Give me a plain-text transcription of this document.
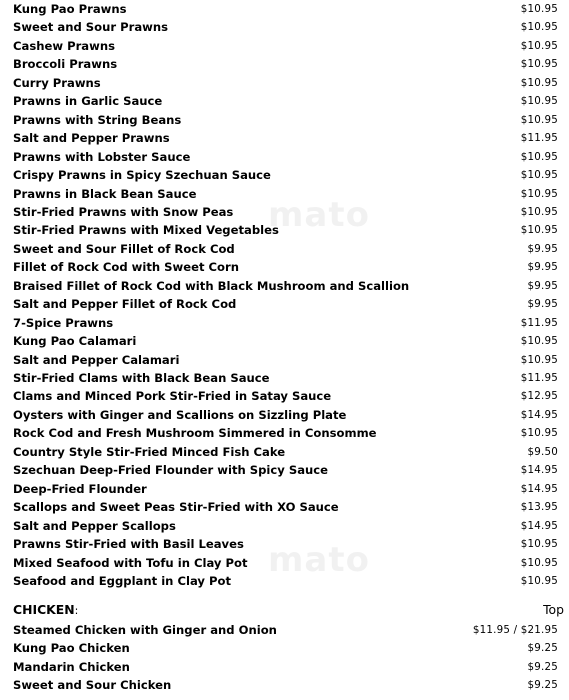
Kung Pao Prawns	$10.95
Sweet and Sour Prawns	$10.95
Cashew Prawns	$10.95
Broccoli Prawns	$10.95
Curry Prawns	$10.95
Prawns in Garlic Sauce	$10.95
Prawns with String Beans	$10.95
Salt and Pepper Prawns	$11.95
Prawns with Lobster Sauce	$10.95
Crispy Prawns in Spicy Szechuan Sauce	$10.95
Prawns in Black Bean Sauce	$10.95
Stir-Fried Prawns with Snow Peas	$10.95
Stir-Fried Prawns with Mixed Vegetables	$10.95
Sweet and Sour Fillet of Rock Cod	$9.95
Fillet of Rock Cod with Sweet Corn	$9.95
Braised Fillet of Rock Cod with Black Mushroom and Scallion	$9.95
Salt and Pepper Fillet of Rock Cod	$9.95
7-Spice Prawns	$11.95
Kung Pao Calamari	$10.95
Salt and Pepper Calamari	$10.95
Stir-Fried Clams with Black Bean Sauce	$11.95
Clams and Minced Pork Stir-Fried in Satay Sauce	$12.95
Oysters with Ginger and Scallions on Sizzling Plate	$14.95
Rock Cod and Fresh Mushroom Simmered in Consomme	$10.95
Country Style Stir-Fried Minced Fish Cake	$9.50
Szechuan Deep-Fried Flounder with Spicy Sauce	$14.95
Deep-Fried Flounder	$14.95
Scallops and Sweet Peas Stir-Fried with XO Sauce	$13.95
Salt and Pepper Scallops	$14.95
Prawns Stir-Fried with Basil Leaves	$10.95
Mixed Seafood with Tofu in Clay Pot	$10.95
Seafood and Eggplant in Clay Pot	$10.95
CHICKEN:	Top
Steamed Chicken with Ginger and Onion	$11.95 / $21.95
Kung Pao Chicken	$9.25
Mandarin Chicken	$9.25
Sweet and Sour Chicken	$9.25
mato
mato
